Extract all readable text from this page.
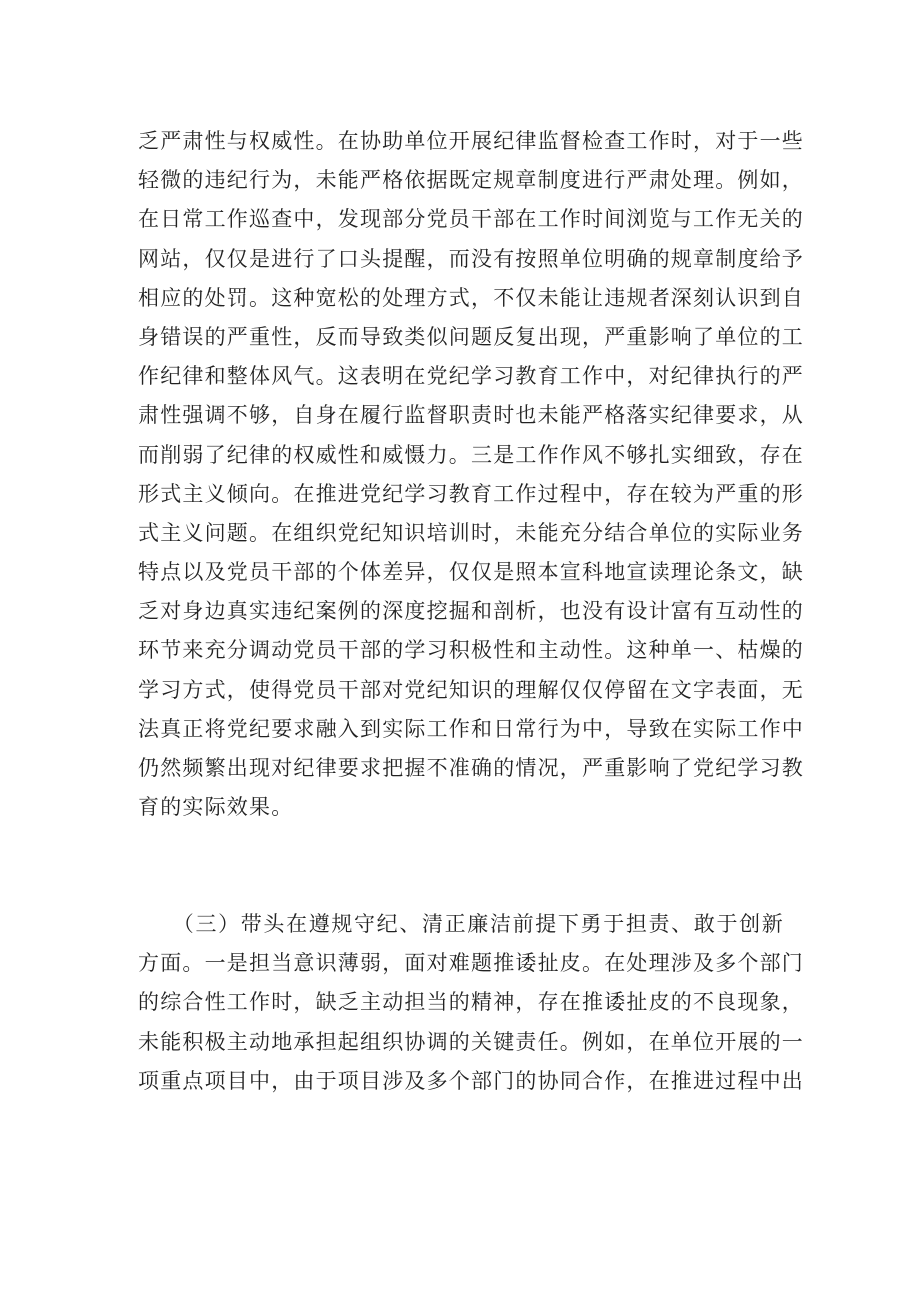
乏严肃性与权威性。在协助单位开展纪律监督检查工作时，对于一些
轻微的违纪行为，未能严格依据既定规章制度进行严肃处理。例如，
在日常工作巡查中，发现部分党员干部在工作时间浏览与工作无关的
网站，仅仅是进行了口头提醒，而没有按照单位明确的规章制度给予
相应的处罚。这种宽松的处理方式，不仅未能让违规者深刻认识到自
身错误的严重性，反而导致类似问题反复出现，严重影响了单位的工
作纪律和整体风气。这表明在党纪学习教育工作中，对纪律执行的严
肃性强调不够，自身在履行监督职责时也未能严格落实纪律要求，从
而削弱了纪律的权威性和威慑力。三是工作作风不够扎实细致，存在
形式主义倾向。在推进党纪学习教育工作过程中，存在较为严重的形
式主义问题。在组织党纪知识培训时，未能充分结合单位的实际业务
特点以及党员干部的个体差异，仅仅是照本宣科地宣读理论条文，缺
乏对身边真实违纪案例的深度挖掘和剖析，也没有设计富有互动性的
环节来充分调动党员干部的学习积极性和主动性。这种单一、枯燥的
学习方式，使得党员干部对党纪知识的理解仅仅停留在文字表面，无
法真正将党纪要求融入到实际工作和日常行为中，导致在实际工作中
仍然频繁出现对纪律要求把握不准确的情况，严重影响了党纪学习教
育的实际效果。
　　（三）带头在遵规守纪、清正廉洁前提下勇于担责、敢于创新
方面。一是担当意识薄弱，面对难题推诿扯皮。在处理涉及多个部门
的综合性工作时，缺乏主动担当的精神，存在推诿扯皮的不良现象，
未能积极主动地承担起组织协调的关键责任。例如，在单位开展的一
项重点项目中，由于项目涉及多个部门的协同合作，在推进过程中出
